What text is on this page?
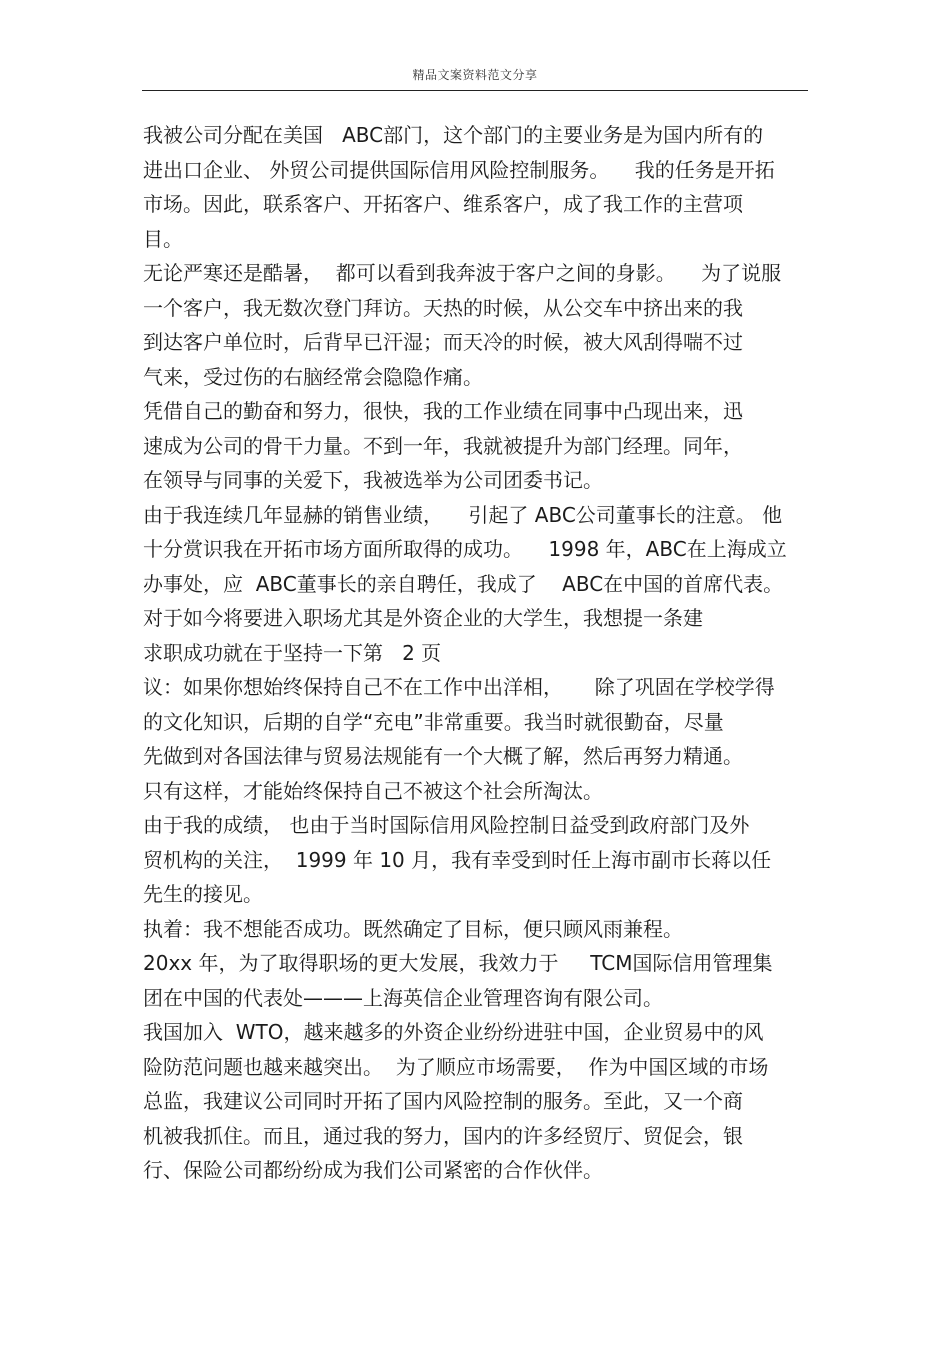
精品文案资料范文分享
我被公司分配在美国   ABC部门，这个部门的主要业务是为国内所有的
进出口企业、 外贸公司提供国际信用风险控制服务。    我的任务是开拓
市场。因此，联系客户、开拓客户、维系客户，成了我工作的主营项
目。
无论严寒还是酷暑，  都可以看到我奔波于客户之间的身影。    为了说服
一个客户，我无数次登门拜访。天热的时候，从公交车中挤出来的我
到达客户单位时，后背早已汗湿；而天冷的时候，被大风刮得喘不过
气来，受过伤的右脑经常会隐隐作痛。
凭借自己的勤奋和努力，很快，我的工作业绩在同事中凸现出来，迅
速成为公司的骨干力量。不到一年，我就被提升为部门经理。同年，
在领导与同事的关爱下，我被选举为公司团委书记。
由于我连续几年显赫的销售业绩，    引起了 ABC公司董事长的注意。 他
十分赏识我在开拓市场方面所取得的成功。    1998 年，ABC在上海成立
办事处，应  ABC董事长的亲自聘任，我成了    ABC在中国的首席代表。
对于如今将要进入职场尤其是外资企业的大学生，我想提一条建
求职成功就在于坚持一下第   2 页
议：如果你想始终保持自己不在工作中出洋相，     除了巩固在学校学得
的文化知识，后期的自学“充电”非常重要。我当时就很勤奋，尽量
先做到对各国法律与贸易法规能有一个大概了解，然后再努力精通。
只有这样，才能始终保持自己不被这个社会所淘汰。
由于我的成绩， 也由于当时国际信用风险控制日益受到政府部门及外
贸机构的关注，  1999 年 10 月，我有幸受到时任上海市副市长蒋以任
先生的接见。
执着：我不想能否成功。既然确定了目标，便只顾风雨兼程。
20xx 年，为了取得职场的更大发展，我效力于     TCM国际信用管理集
团在中国的代表处———上海英信企业管理咨询有限公司。
我国加入  WTO，越来越多的外资企业纷纷进驻中国，企业贸易中的风
险防范问题也越来越突出。  为了顺应市场需要，  作为中国区域的市场
总监，我建议公司同时开拓了国内风险控制的服务。至此，又一个商
机被我抓住。而且，通过我的努力，国内的许多经贸厅、贸促会，银
行、保险公司都纷纷成为我们公司紧密的合作伙伴。
